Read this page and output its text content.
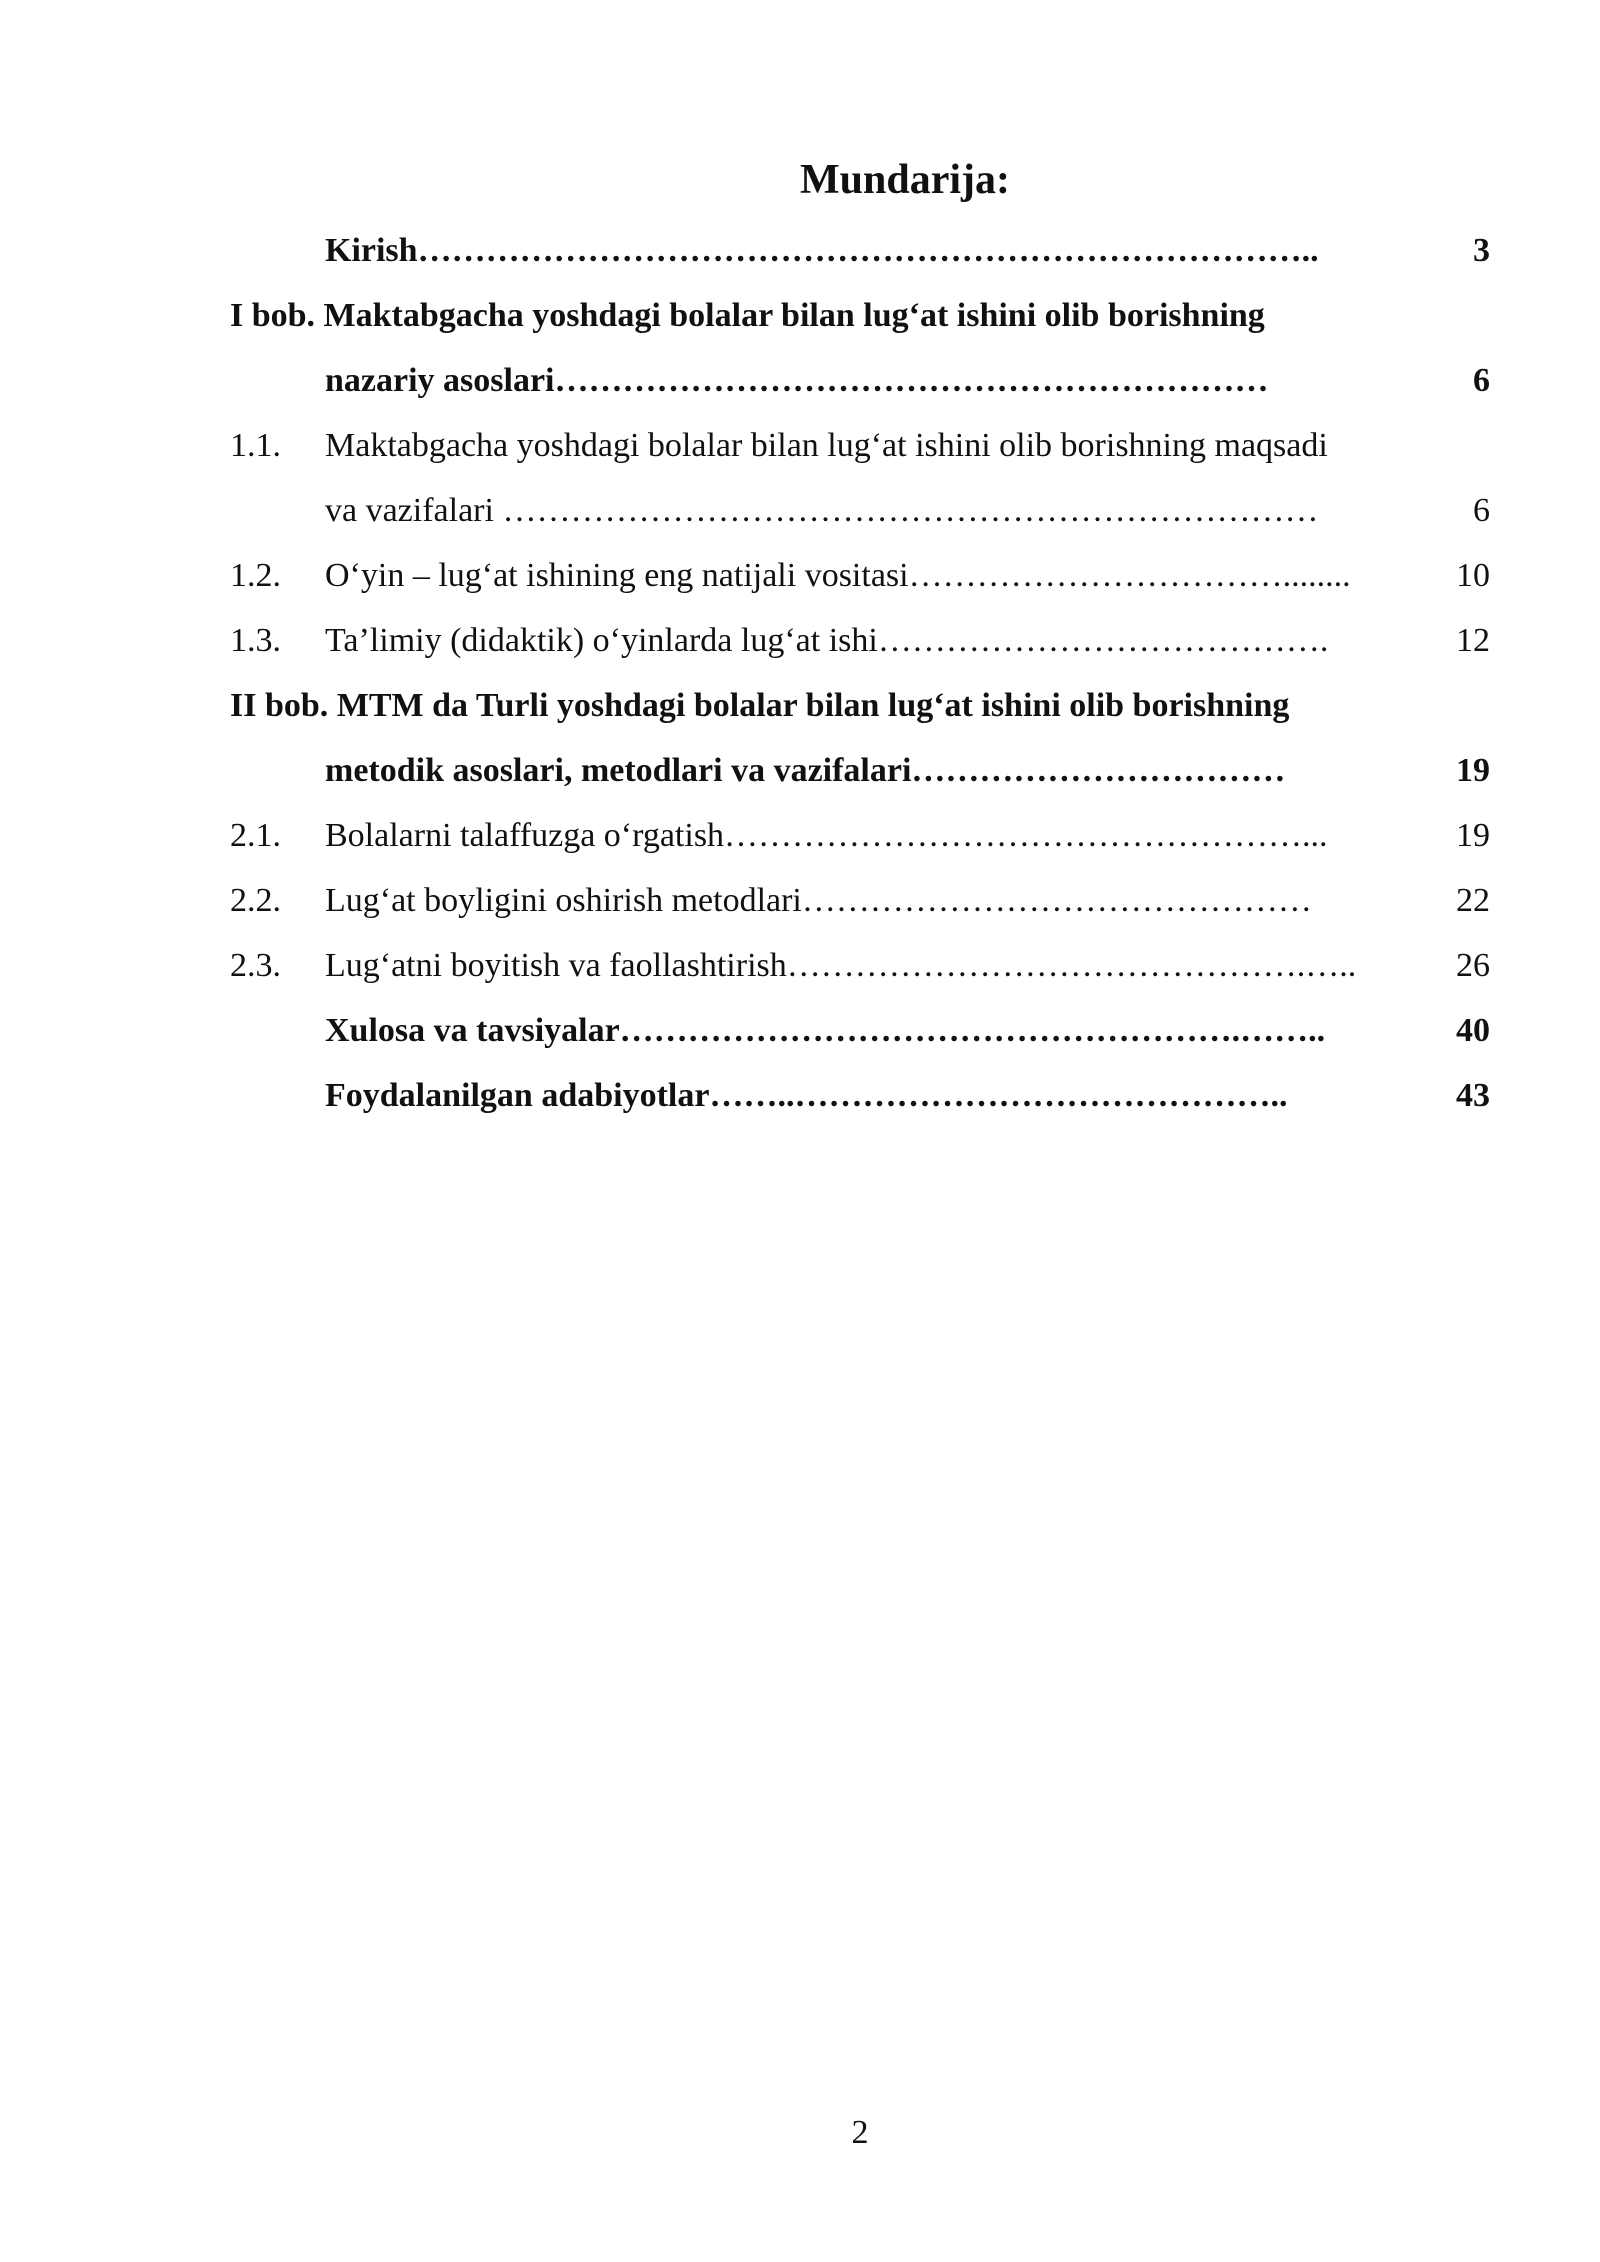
Mundarija:
Kirish……………………………………………………………………..	3
I bob. Maktabgacha yoshdagi bolalar bilan lug‘at ishini olib borishning
nazariy asoslari………………………………………………………	6
1.1. Maktabgacha yoshdagi bolalar bilan lug‘at ishini olib borishning maqsadi
va vazifalari ………………………………………………………………	6
1.2. O‘yin – lug‘at ishining eng natijali vositasi……………………………........	10
1.3. Ta’limiy (didaktik) o‘yinlarda lug‘at ishi………………………………….	12
II bob. MTM da Turli yoshdagi bolalar bilan lug‘at ishini olib borishning
metodik asoslari, metodlari va vazifalari……………………………	19
2.1. Bolalarni talaffuzga o‘rgatish……………………………………………...	19
2.2. Lug‘at boyligini oshirish metodlari………………………………………	22
2.3. Lug‘atni boyitish va faollashtirish……………………………………….…..	26
Xulosa va tavsiyalar……………………………………………….……..	40
Foydalanilgan adabiyotlar……..……………………………………..	43
2
